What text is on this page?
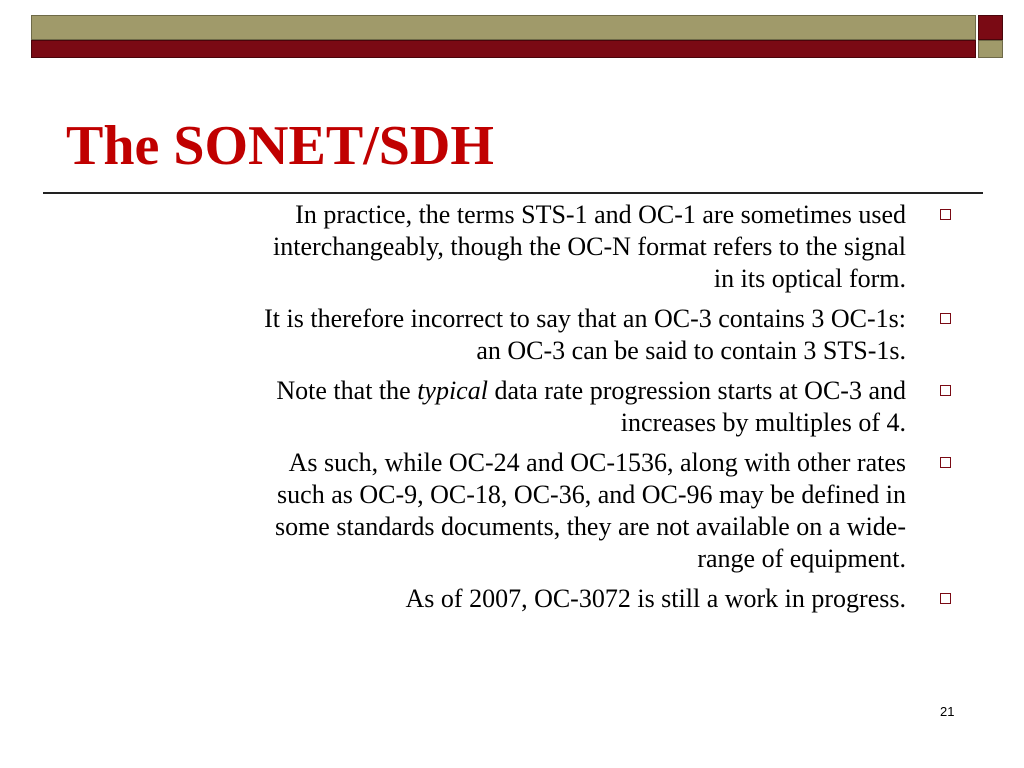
The SONET/SDH
In practice, the terms STS-1 and OC-1 are sometimes used
interchangeably, though the OC-N format refers to the signal
in its optical form.
It is therefore incorrect to say that an OC-3 contains 3 OC-1s:
an OC-3 can be said to contain 3 STS-1s.
Note that the typical data rate progression starts at OC-3 and
increases by multiples of 4.
As such, while OC-24 and OC-1536, along with other rates
such as OC-9, OC-18, OC-36, and OC-96 may be defined in
some standards documents, they are not available on a wide-
range of equipment.
As of 2007, OC-3072 is still a work in progress.
21
